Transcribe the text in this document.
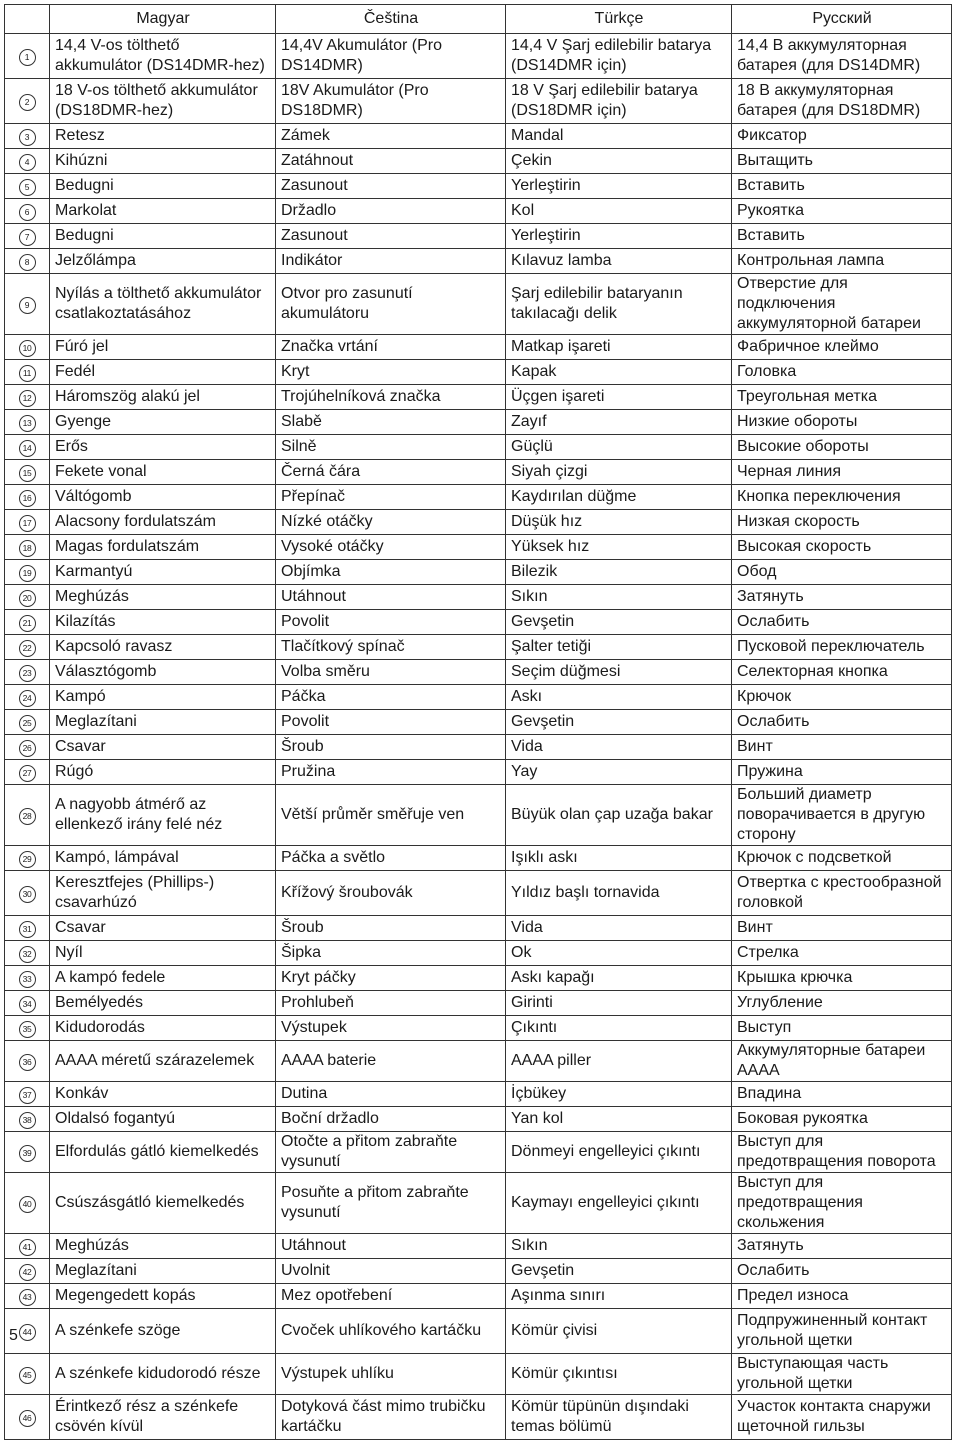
	Magyar	Čeština	Türkçe	Русский
1	14,4 V-os tölthető akkumulátor (DS14DMR-hez)	14,4V Akumulátor (Pro DS14DMR)	14,4 V Şarj edilebilir batarya (DS14DMR için)	14,4 В аккумуляторная батарея (для DS14DMR)
2	18 V-os tölthető akkumulátor (DS18DMR-hez)	18V Akumulátor (Pro DS18DMR)	18 V Şarj edilebilir batarya (DS18DMR için)	18 В аккумуляторная батарея (для DS18DMR)
3	Retesz	Zámek	Mandal	Фиксатор
4	Kihúzni	Zatáhnout	Çekin	Вытащить
5	Bedugni	Zasunout	Yerleştirin	Вставить
6	Markolat	Držadlo	Kol	Рукоятка
7	Bedugni	Zasunout	Yerleştirin	Вставить
8	Jelzőlámpa	Indikátor	Kılavuz lamba	Контрольная лампа
9	Nyílás a tölthető akkumulátor csatlakoztatásához	Otvor pro zasunutí akumulátoru	Şarj edilebilir bataryanın takılacağı delik	Отверстие для подключения аккумуляторной батареи
10	Fúró jel	Značka vrtání	Matkap işareti	Фабричное клеймо
11	Fedél	Kryt	Kapak	Головка
12	Háromszög alakú jel	Trojúhelníková značka	Üçgen işareti	Треугольная метка
13	Gyenge	Slabě	Zayıf	Низкие обороты
14	Erős	Silně	Güçlü	Высокие обороты
15	Fekete vonal	Černá čára	Siyah çizgi	Черная линия
16	Váltógomb	Přepínač	Kaydırılan düğme	Кнопка переключения
17	Alacsony fordulatszám	Nízké otáčky	Düşük hız	Низкая скорость
18	Magas fordulatszám	Vysoké otáčky	Yüksek hız	Высокая скорость
19	Karmantyú	Objímka	Bilezik	Обод
20	Meghúzás	Utáhnout	Sıkın	Затянуть
21	Kilazítás	Povolit	Gevşetin	Ослабить
22	Kapcsoló ravasz	Tlačítkový spínač	Şalter tetiği	Пусковой переключатель
23	Választógomb	Volba směru	Seçim düğmesi	Селекторная кнопка
24	Kampó	Páčka	Askı	Крючок
25	Meglazítani	Povolit	Gevşetin	Ослабить
26	Csavar	Šroub	Vida	Винт
27	Rúgó	Pružina	Yay	Пружина
28	A nagyobb átmérő az ellenkező irány felé néz	Větší průměr směřuje ven	Büyük olan çap uzağa bakar	Больший диаметр поворачивается в другую сторону
29	Kampó, lámpával	Páčka a světlo	Işıklı askı	Крючок с подсветкой
30	Keresztfejes (Phillips-) csavarhúzó	Křížový šroubovák	Yıldız başlı tornavida	Отвертка с крестообразной головкой
31	Csavar	Šroub	Vida	Винт
32	Nyíl	Šipka	Ok	Стрелка
33	A kampó fedele	Kryt páčky	Askı kapağı	Крышка крючка
34	Bemélyedés	Prohlubeň	Girinti	Углубление
35	Kidudorodás	Výstupek	Çıkıntı	Выступ
36	AAAA méretű szárazelemek	AAAA baterie	AAAA piller	Аккумуляторные батареи AAAA
37	Konkáv	Dutina	İçbükey	Впадина
38	Oldalsó fogantyú	Boční držadlo	Yan kol	Боковая рукоятка
39	Elfordulás gátló kiemelkedés	Otočte a přitom zabraňte vysunutí	Dönmeyi engelleyici çıkıntı	Выступ для предотвращения поворота
40	Csúszásgátló kiemelkedés	Posuňte a přitom zabraňte vysunutí	Kaymayı engelleyici çıkıntı	Выступ для предотвращения скольжения
41	Meghúzás	Utáhnout	Sıkın	Затянуть
42	Meglazítani	Uvolnit	Gevşetin	Ослабить
43	Megengedett kopás	Mez opotřebení	Aşınma sınırı	Предел износа
44	A szénkefe szöge	Cvoček uhlíkového kartáčku	Kömür çivisi	Подпружиненный контакт угольной щетки
45	A szénkefe kidudorodó része	Výstupek uhlíku	Kömür çıkıntısı	Выступающая часть угольной щетки
46	Érintkező rész a szénkefe csövén kívül	Dotyková část mimo trubičku kartáčku	Kömür tüpünün dışındaki temas bölümü	Участок контакта снаружи щеточной гильзы
5
